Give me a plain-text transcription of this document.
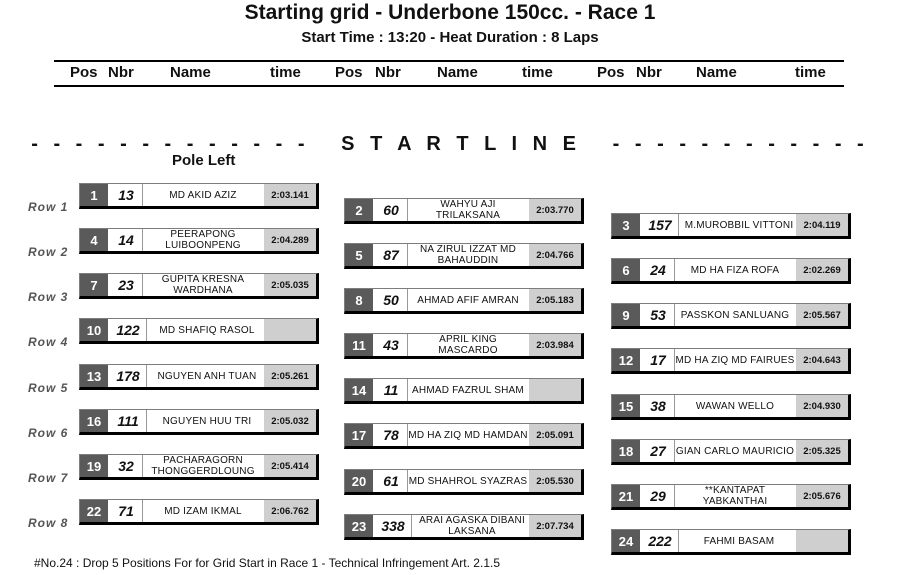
Starting grid - Underbone 150cc. - Race 1
Start Time : 13:20 - Heat Duration : 8 Laps
Pos Nbr Name	time Pos Nbr Name	time	Pos Nbr Name	time
- - - - - - - - - - - - -   S T A R T L I N E   - - - - - - - - - - - -
Pole Left
Row 1
Row 2
Row 3
Row 4
Row 5
Row 6
Row 7
Row 8
1	13	MD AKID AZIZ	2:03.141
4	14	PEERAPONG LUIBOONPENG	2:04.289
7	23	GUPITA KRESNA WARDHANA	2:05.035
10	122	MD SHAFIQ RASOL
13	178	NGUYEN ANH TUAN	2:05.261
16	111	NGUYEN HUU TRI	2:05.032
19	32	PACHARAGORN THONGGERDLOUNG	2:05.414
22	71	MD IZAM IKMAL	2:06.762
2	60	WAHYU AJI TRILAKSANA	2:03.770
5	87	NA ZIRUL IZZAT MD BAHAUDDIN	2:04.766
8	50	AHMAD AFIF AMRAN	2:05.183
11	43	APRIL KING MASCARDO	2:03.984
14	11	AHMAD FAZRUL SHAM
17	78 MD HA ZIQ MD HAMDAN 2:05.091
20	61 MD SHAHROL SYAZRAS 2:05.530
23	338	ARAI AGASKA DIBANI LAKSANA	2:07.734
3	157	M.MUROBBIL VITTONI	2:04.119
6	24	MD HA FIZA ROFA	2:02.269
9	53	PASSKON SANLUANG	2:05.567
12	17 MD HA ZIQ MD FAIRUES 2:04.643
15	38	WAWAN WELLO	2:04.930
18	27	GIAN CARLO MAURICIO 2:05.325
21	29	**KANTAPAT YABKANTHAI	2:05.676
24	222	FAHMI BASAM
#No.24 : Drop 5 Positions For for Grid Start in Race 1 - Technical Infringement Art. 2.1.5
